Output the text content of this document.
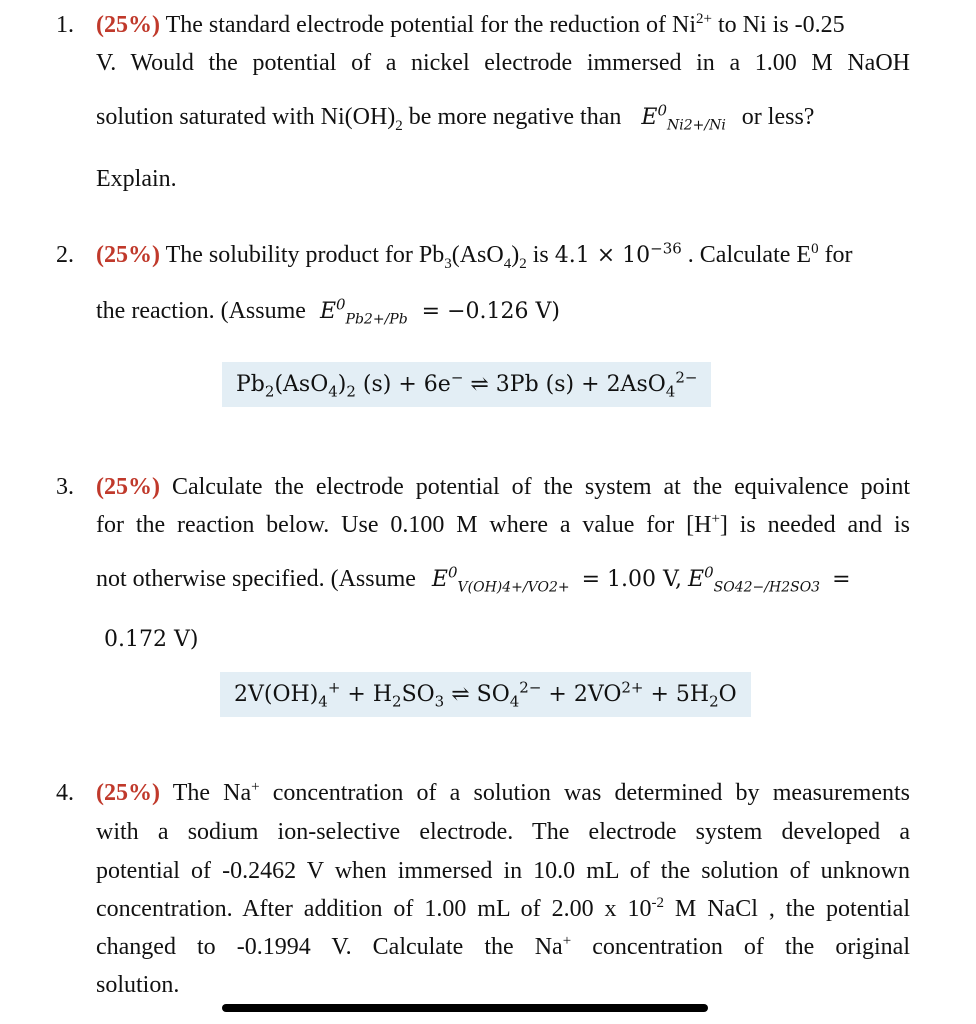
1. (25%) The standard electrode potential for the reduction of $Ni^{2+}$ to Ni is -0.25
V. Would the potential of a nickel electrode immersed in a 1.00 M NaOH
solution saturated with $Ni(OH)_2$ be more negative than $E^0_{Ni2+/Ni}$ or less?
Explain.
2. (25%) The solubility product for $Pb_3(AsO_4)_2$ is $4.1 \times 10^{-36}$ . Calculate $E^0$ for
the reaction. (Assume $E^0_{Pb2+/Pb} = -0.126$ V)
$Pb_2(AsO_4)_2$ (s) + 6e− ⇌ 3Pb (s) + 2AsO$_4^{2-}$
3. (25%) Calculate the electrode potential of the system at the equivalence point
for the reaction below. Use 0.100 M where a value for [H+] is needed and is
not otherwise specified. (Assume $E^0_{V(OH)4+/VO2+} = 1.00$ V, $E^0_{SO42-/H2SO3}$ =
0.172 V)
$2V(OH)_4^+ + H_2SO_3$ ⇌ $SO_4^{2-} + 2VO^{2+} + 5H_2O$
4. (25%) The Na+ concentration of a solution was determined by measurements
with a sodium ion-selective electrode. The electrode system developed a
potential of -0.2462 V when immersed in 10.0 mL of the solution of unknown
concentration. After addition of 1.00 mL of 2.00 x $10^{-2}$ M NaCl , the potential
changed to -0.1994 V. Calculate the Na+ concentration of the original
solution.
